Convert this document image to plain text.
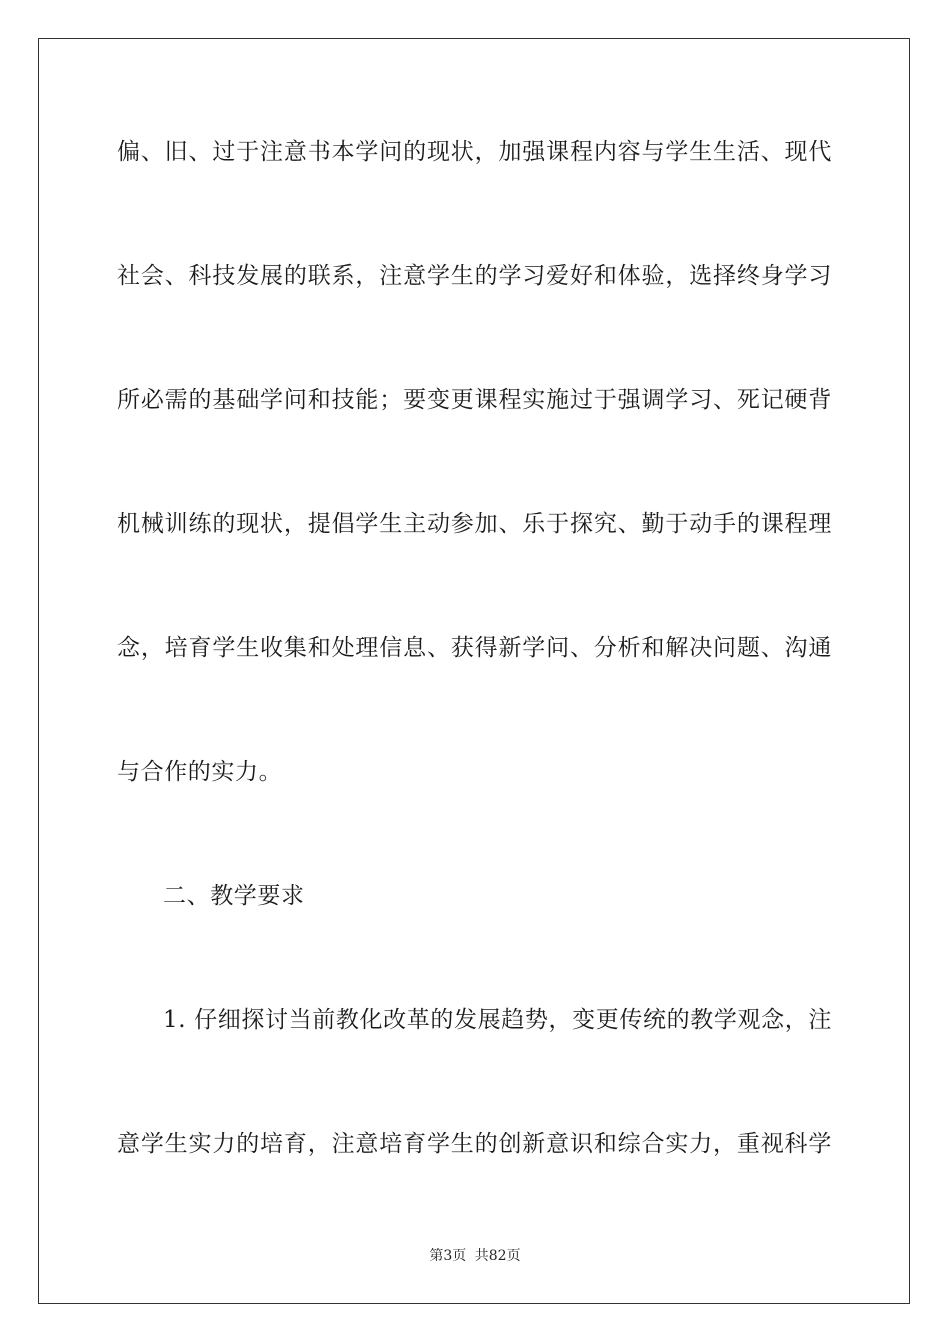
偏、旧、过于注意书本学问的现状，加强课程内容与学生生活、现代
社会、科技发展的联系，注意学生的学习爱好和体验，选择终身学习
所必需的基础学问和技能；要变更课程实施过于强调学习、死记硬背
机械训练的现状，提倡学生主动参加、乐于探究、勤于动手的课程理
念，培育学生收集和处理信息、获得新学问、分析和解决问题、沟通
与合作的实力。
二、教学要求
1. 仔细探讨当前教化改革的发展趋势，变更传统的教学观念，注
意学生实力的培育，注意培育学生的创新意识和综合实力，重视科学
第3页 共82页
